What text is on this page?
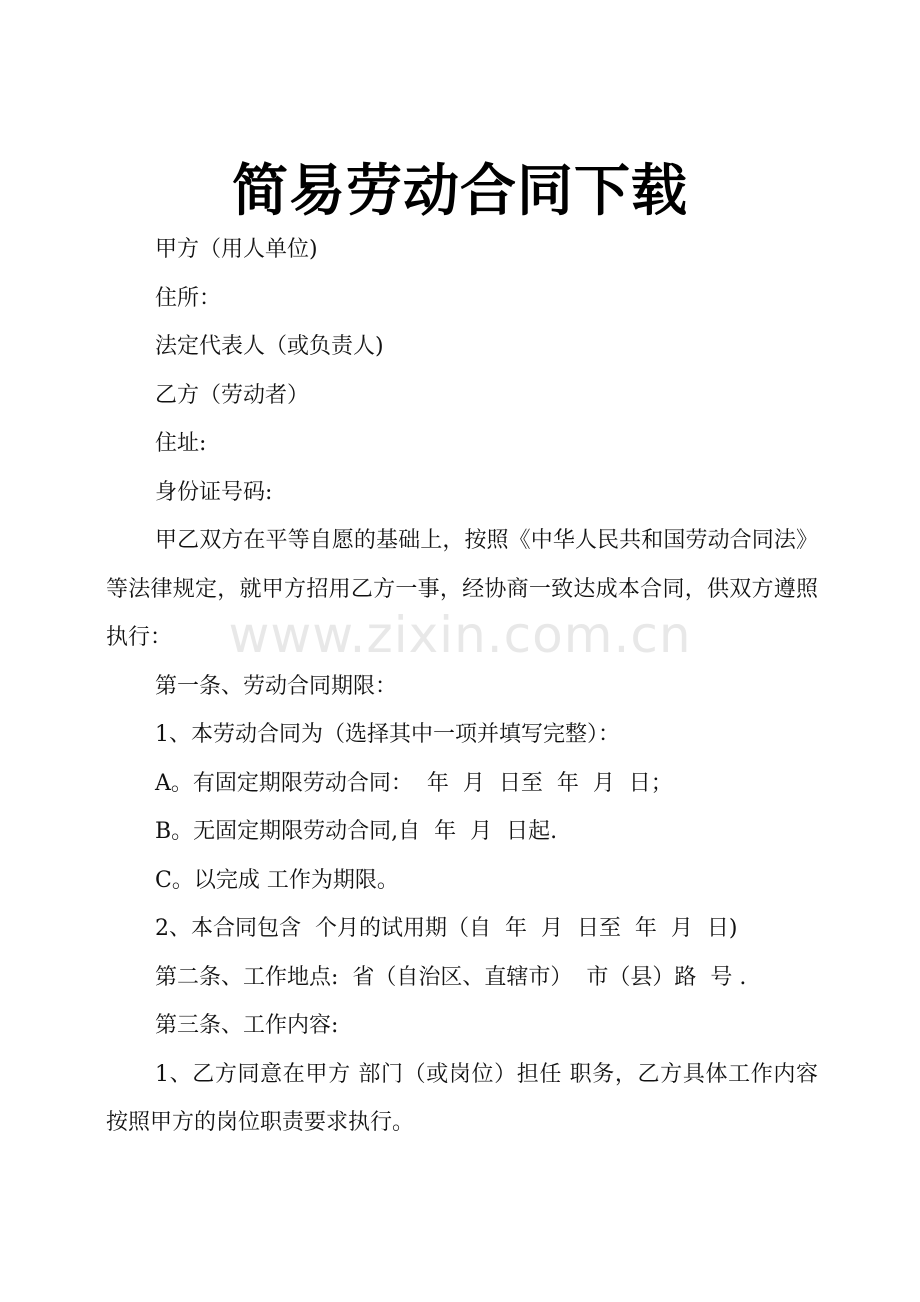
简易劳动合同下载

甲方（用人单位)

住所：

法定代表人（或负责人)

乙方（劳动者）

住址:

身份证号码:

甲乙双方在平等自愿的基础上，按照《中华人民共和国劳动合同法》等法律规定，就甲方招用乙方一事，经协商一致达成本合同，供双方遵照执行：

第一条、劳动合同期限：

1、本劳动合同为（选择其中一项并填写完整）：

A。有固定期限劳动合同：  年  月  日至  年  月  日；

B。无固定期限劳动合同,自  年  月  日起.

C。以完成 工作为期限。

2、本合同包含  个月的试用期（自  年  月  日至  年  月  日)

第二条、工作地点:  省（自治区、直辖市）  市（县）路  号 .

第三条、工作内容:

1、乙方同意在甲方 部门（或岗位）担任 职务，乙方具体工作内容按照甲方的岗位职责要求执行。

www.zixin.com.cn
